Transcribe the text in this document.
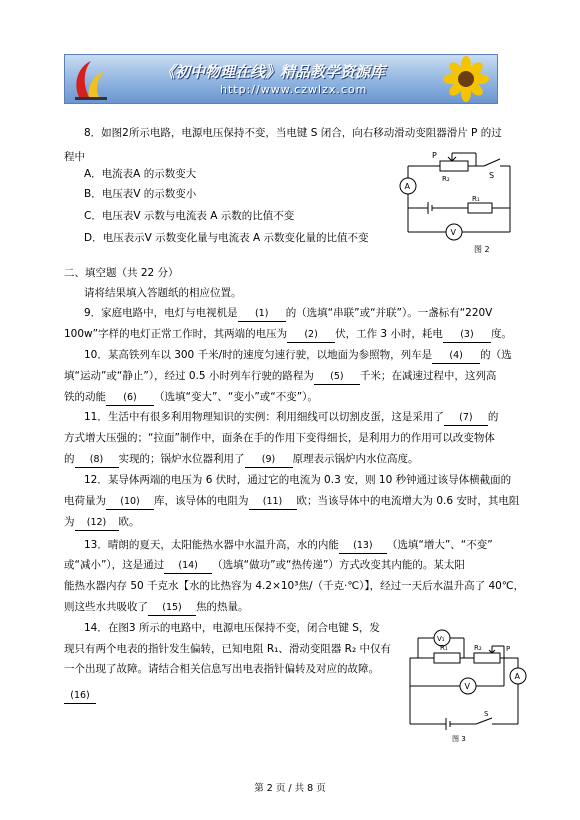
《初中物理在线》精品教学资源库
http://www.czwlzx.com
8．如图2所示电路，电源电压保持不变，当电键 S 闭合，向右移动滑动变阻器滑片 P 的过
程中
A．电流表A 的示数变大
B．电压表V 的示数变小
C．电压表V 示数与电流表 A 示数的比值不变
D．电压表示V 示数变化量与电流表 A 示数变化量的比值不变
P
R₂	S
A
R₁
V
图 2
二、填空题（共 22 分）
请将结果填入答题纸的相应位置。
9．家庭电路中，电灯与电视机是 (1) 的（选填“串联”或“并联”）。一盏标有“220V
100w”字样的电灯正常工作时，其两端的电压为 (2) 伏，工作 3 小时，耗电 (3) 度。
10．某高铁列车以 300 千米/时的速度匀速行驶，以地面为参照物，列车是 (4) 的（选
填“运动”或“静止”），经过 0.5 小时列车行驶的路程为 (5) 千米；在减速过程中，这列高
铁的动能 (6) （选填“变大”、“变小”或“不变”）。
11．生活中有很多利用物理知识的实例：利用细线可以切割皮蛋，这是采用了 (7) 的
方式增大压强的；“拉面”制作中，面条在手的作用下变得细长，是利用力的作用可以改变物体
的 (8) 实现的；锅炉水位器利用了 (9) 原理表示锅炉内水位高度。
12．某导体两端的电压为 6 伏时，通过它的电流为 0.3 安，则 10 秒钟通过该导体横截面的
电荷量为 (10) 库，该导体的电阻为 (11) 欧；当该导体中的电流增大为 0.6 安时，其电阻
为 (12) 欧。
13．晴朗的夏天，太阳能热水器中水温升高，水的内能 (13) （选填“增大”、“不变”
或“减小”），这是通过 (14) （选填“做功”或“热传递”）方式改变其内能的。某太阳
能热水器内存 50 千克水【水的比热容为 4.2×10³焦/（千克·℃）】，经过一天后水温升高了 40℃，
则这些水共吸收了 (15) 焦的热量。
14．在图3 所示的电路中，电源电压保持不变，闭合电键 S，发
现只有两个电表的指针发生偏转，已知电阻 R₁、滑动变阻器 R₂ 中仅有
一个出现了故障。请结合相关信息写出电表指针偏转及对应的故障。
(16)
V₁
R₁	R₂	P
A
V
S
图 3
第 2 页 / 共 8 页
